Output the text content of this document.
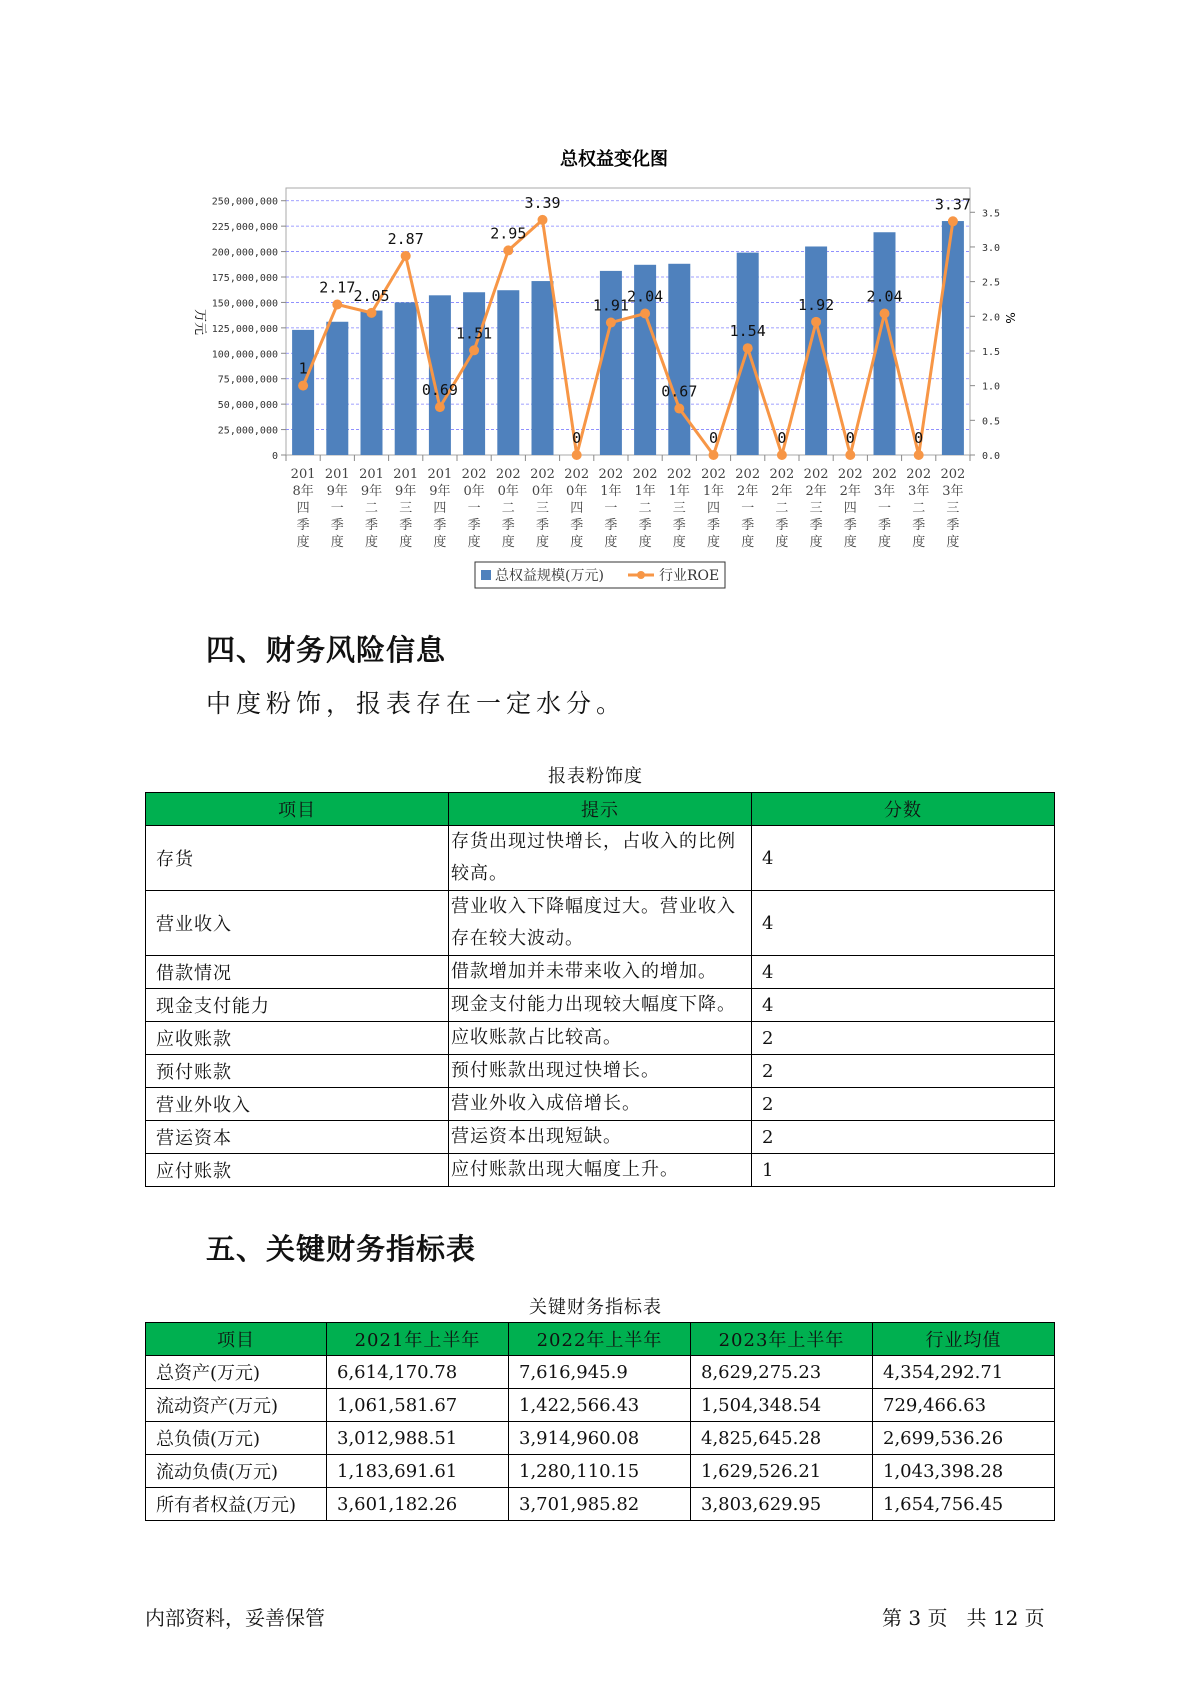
总权益变化图
0
25,000,000
50,000,000
75,000,000
100,000,000
125,000,000
150,000,000
175,000,000
200,000,000
225,000,000
250,000,000
0.0
0.5
1.0
1.5
2.0
2.5
3.0
3.5
万元	%
201
8年
四
季
度
201
9年
一
季
度
201
9年
二
季
度
201
9年
三
季
度
201
9年
四
季
度
202
0年
一
季
度
202
0年
二
季
度
202
0年
三
季
度
202
0年
四
季
度
202
1年
一
季
度
202
1年
二
季
度
202
1年
三
季
度
202
1年
四
季
度
202
2年
一
季
度
202
2年
二
季
度
202
2年
三
季
度
202
2年
四
季
度
202
3年
一
季
度
202
3年
二
季
度
202
3年
三
季
度
1
2.17
2.05
2.87
0.69
1.51
2.95
3.39
0
1.91
2.04
0.67
0
1.54
0
1.92
0
2.04
0
3.37
总权益规模(万元)	行业ROE
四、财务风险信息

中度粉饰，报表存在一定水分。

报表粉饰度
项目	提示	分数
存货	存货出现过快增长，占收入的比例较高。	4
营业收入	营业收入下降幅度过大。营业收入存在较大波动。	4
借款情况	借款增加并未带来收入的增加。	4
现金支付能力	现金支付能力出现较大幅度下降。	4
应收账款	应收账款占比较高。	2
预付账款	预付账款出现过快增长。	2
营业外收入	营业外收入成倍增长。	2
营运资本	营运资本出现短缺。	2
应付账款	应付账款出现大幅度上升。	1
五、关键财务指标表
关键财务指标表
项目	2021年上半年	2022年上半年	2023年上半年	行业均值
总资产(万元)	6,614,170.78	7,616,945.9	8,629,275.23	4,354,292.71
流动资产(万元)	1,061,581.67	1,422,566.43	1,504,348.54	729,466.63
总负债(万元)	3,012,988.51	3,914,960.08	4,825,645.28	2,699,536.26
流动负债(万元)	1,183,691.61	1,280,110.15	1,629,526.21	1,043,398.28
所有者权益(万元)	3,601,182.26	3,701,985.82	3,803,629.95	1,654,756.45
内部资料，妥善保管	第 3 页   共 12 页
